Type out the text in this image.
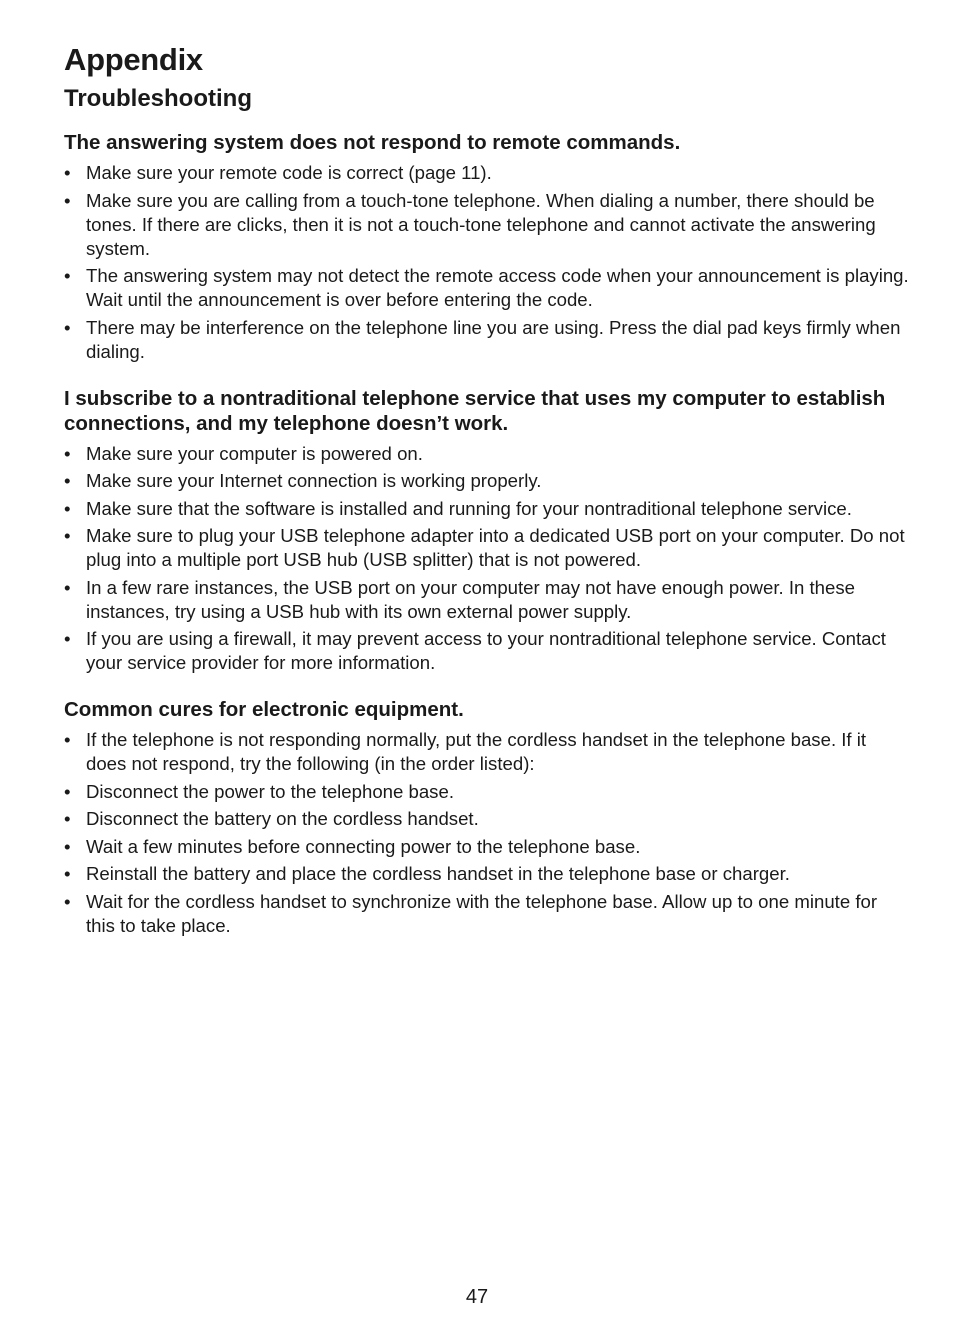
Appendix
Troubleshooting
The answering system does not respond to remote commands.
• Make sure your remote code is correct (page 11).
• Make sure you are calling from a touch-tone telephone. When dialing a number, there should be tones. If there are clicks, then it is not a touch-tone telephone and cannot activate the answering system.
• The answering system may not detect the remote access code when your announcement is playing. Wait until the announcement is over before entering the code.
• There may be interference on the telephone line you are using. Press the dial pad keys firmly when dialing.
I subscribe to a nontraditional telephone service that uses my computer to establish connections, and my telephone doesn’t work.
• Make sure your computer is powered on.
• Make sure your Internet connection is working properly.
• Make sure that the software is installed and running for your nontraditional telephone service.
• Make sure to plug your USB telephone adapter into a dedicated USB port on your computer. Do not plug into a multiple port USB hub (USB splitter) that is not powered.
• In a few rare instances, the USB port on your computer may not have enough power. In these instances, try using a USB hub with its own external power supply.
• If you are using a firewall, it may prevent access to your nontraditional telephone service. Contact your service provider for more information.
Common cures for electronic equipment.
• If the telephone is not responding normally, put the cordless handset in the telephone base. If it does not respond, try the following (in the order listed):
• Disconnect the power to the telephone base.
• Disconnect the battery on the cordless handset.
• Wait a few minutes before connecting power to the telephone base.
• Reinstall the battery and place the cordless handset in the telephone base or charger.
• Wait for the cordless handset to synchronize with the telephone base. Allow up to one minute for this to take place.
47
